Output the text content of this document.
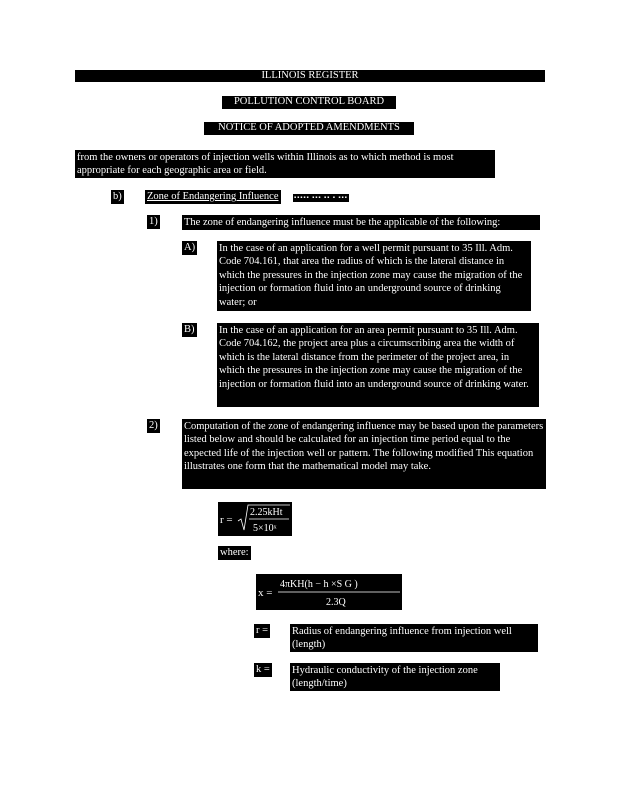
ILLINOIS REGISTER
POLLUTION CONTROL BOARD
NOTICE OF ADOPTED AMENDMENTS
from the owners or operators of injection wells within Illinois as to which method is most appropriate for each geographic area or field.
b) Zone of Endangering Influence	▪▪▪▪▪ ▪▪▪ ▪▪ ▪ ▪▪▪
1)	The zone of endangering influence must be the applicable of the following:
A) In the case of an application for a well permit pursuant to 35 Ill. Adm. Code 704.161, that area the radius of which is the lateral distance in which the pressures in the injection zone may cause the migration of the injection or formation fluid into an underground source of drinking water; or
B) In the case of an application for an area permit pursuant to 35 Ill. Adm. Code 704.162, the project area plus a circumscribing area the width of which is the lateral distance from the perimeter of the project area, in which the pressures in the injection zone may cause the migration of the injection or formation fluid into an underground source of drinking water.
2)	Computation of the zone of endangering influence may be based upon the parameters listed below and should be calculated for an injection time period equal to the expected life of the injection well or pattern. The following modified This equation illustrates one form that the mathematical model may take.
r =
2.25kHt
5×10ˣ
where:
x =
4πKH(h − h ×S G )
2.3Q
r = Radius of endangering influence from injection well (length)
k = Hydraulic conductivity of the injection zone (length/time)
